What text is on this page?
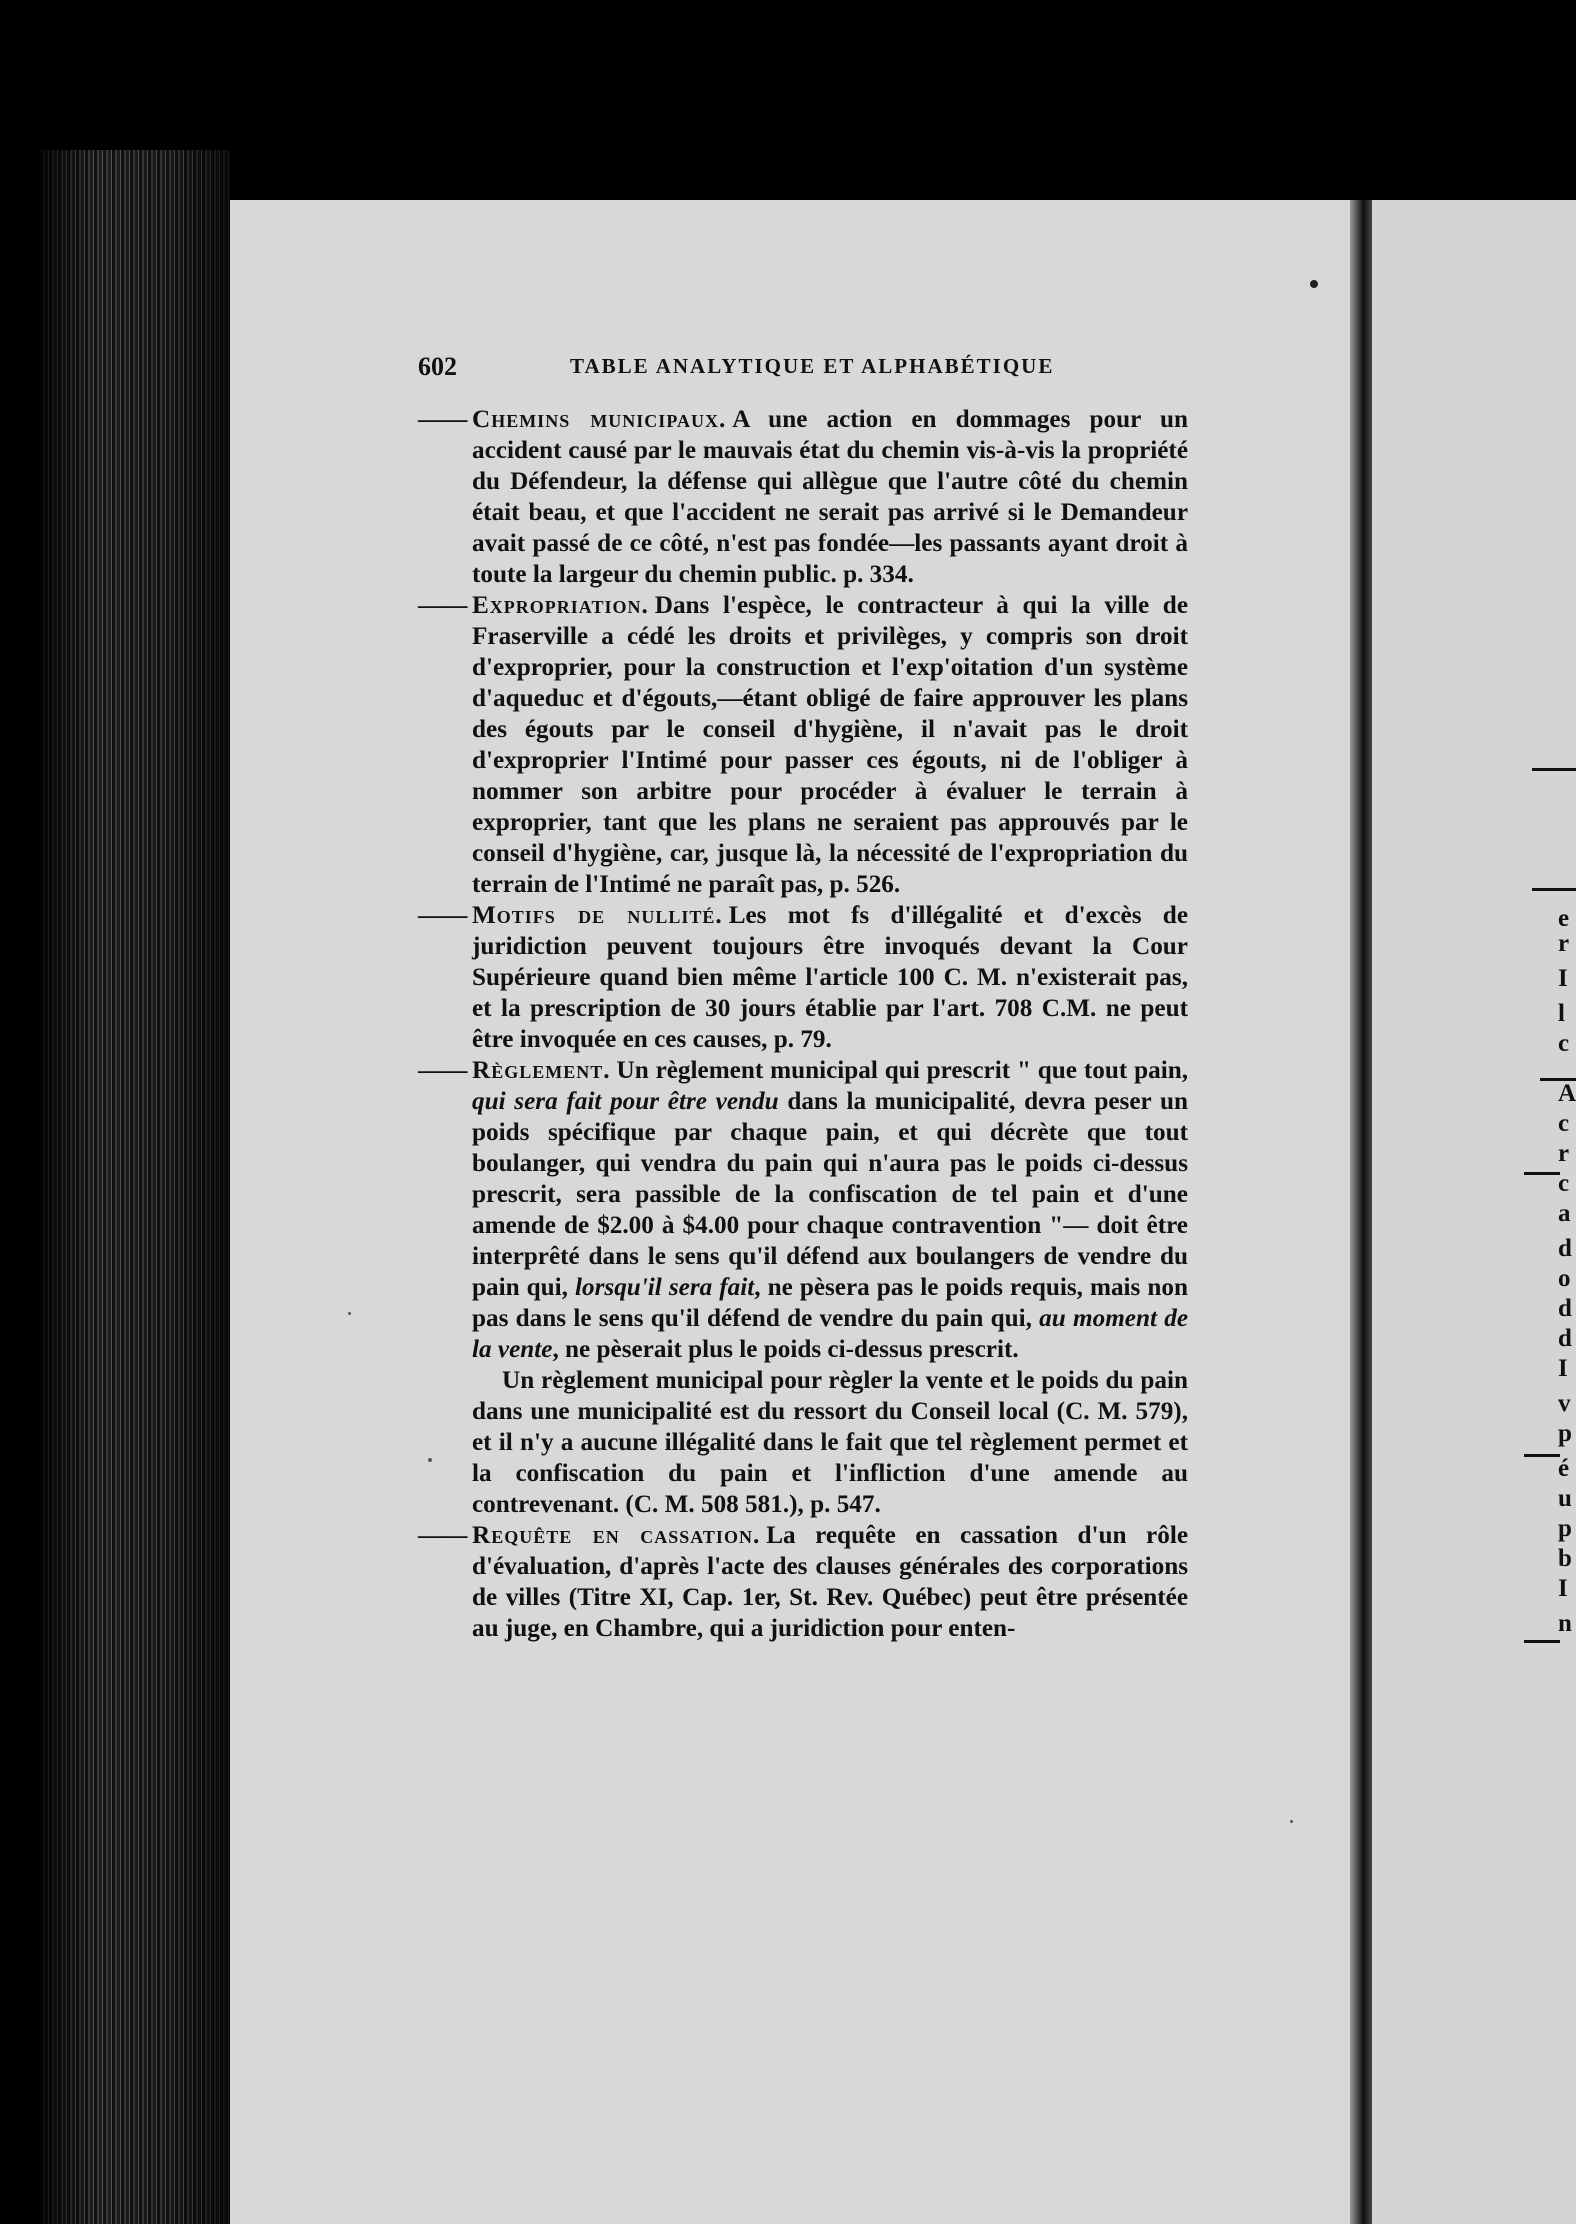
602	TABLE ANALYTIQUE ET ALPHABÉTIQUE

—— Chemins municipaux. A une action en dommages pour un accident causé par le mauvais état du chemin vis-à-vis la propriété du Défendeur, la défense qui allègue que l'autre côté du chemin était beau, et que l'accident ne serait pas arrivé si le Demandeur avait passé de ce côté, n'est pas fondée—les passants ayant droit à toute la largeur du chemin public. p. 334.

—— Expropriation. Dans l'espèce, le contracteur à qui la ville de Fraserville a cédé les droits et privilèges, y compris son droit d'exproprier, pour la construction et l'exp'oitation d'un système d'aqueduc et d'égouts,—étant obligé de faire approuver les plans des égouts par le conseil d'hygiène, il n'avait pas le droit d'exproprier l'Intimé pour passer ces égouts, ni de l'obliger à nommer son arbitre pour procéder à évaluer le terrain à exproprier, tant que les plans ne seraient pas approuvés par le conseil d'hygiène, car, jusque là, la nécessité de l'expropriation du terrain de l'Intimé ne paraît pas, p. 526.

—— Motifs de nullité. Les mot fs d'illégalité et d'excès de juridiction peuvent toujours être invoqués devant la Cour Supérieure quand bien même l'article 100 C. M. n'existerait pas, et la prescription de 30 jours établie par l'art. 708 C.M. ne peut être invoquée en ces causes, p. 79.

—— Règlement. Un règlement municipal qui prescrit " que tout pain, qui sera fait pour être vendu dans la municipalité, devra peser un poids spécifique par chaque pain, et qui décrète que tout boulanger, qui vendra du pain qui n'aura pas le poids ci-dessus prescrit, sera passible de la confiscation de tel pain et d'une amende de $2.00 à $4.00 pour chaque contravention "— doit être interprêté dans le sens qu'il défend aux boulangers de vendre du pain qui, lorsqu'il sera fait, ne pèsera pas le poids requis, mais non pas dans le sens qu'il défend de vendre du pain qui, au moment de la vente, ne pèserait plus le poids ci-dessus prescrit.

Un règlement municipal pour règler la vente et le poids du pain dans une municipalité est du ressort du Conseil local (C. M. 579), et il n'y a aucune illégalité dans le fait que tel règlement permet et la confiscation du pain et l'infliction d'une amende au contrevenant. (C. M. 508 581.), p. 547.

—— Requête en cassation. La requête en cassation d'un rôle d'évaluation, d'après l'acte des clauses générales des corporations de villes (Titre XI, Cap. 1er, St. Rev. Québec) peut être présentée au juge, en Chambre, qui a juridiction pour enten-

e
r
I
l
c
A
c
r
c
a
d
o
d
d
I
v
p
é
u
p
b
I
n
